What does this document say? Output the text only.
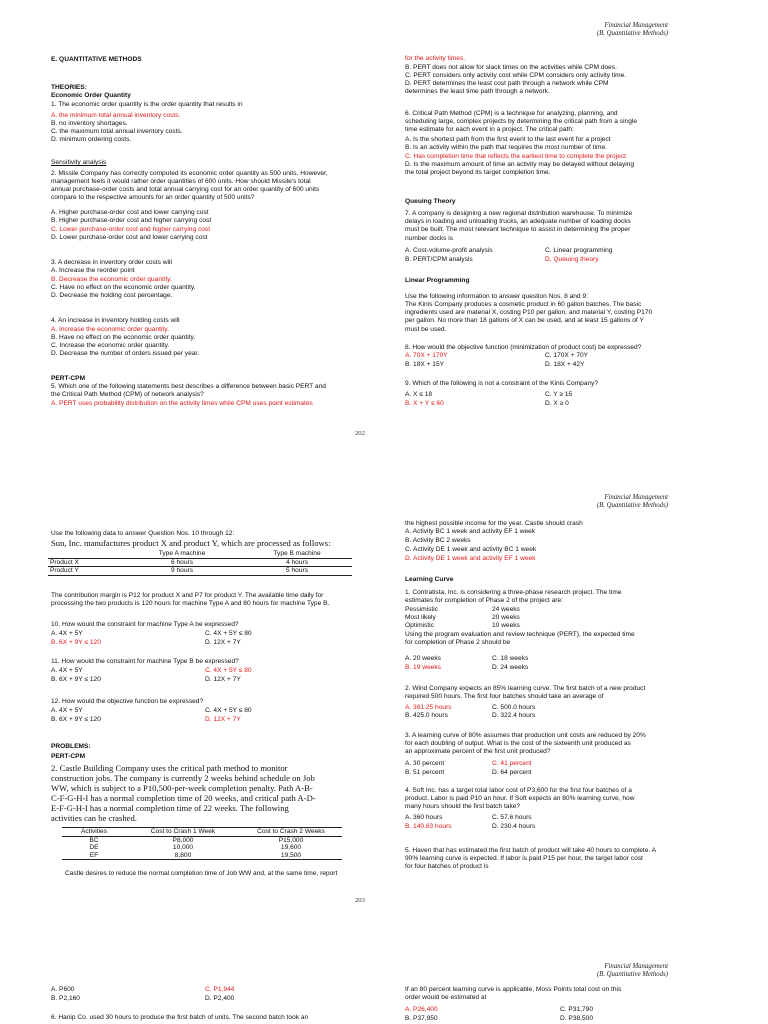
Financial Management
(B. Quantitative Methods)
E. QUANTITATIVE METHODS
THEORIES:
Economic Order Quantity
1. The economic order quantity is the order quantity that results in
A. the minimum total annual inventory costs.
B. no inventory shortages.
C. the maximum total annual inventory costs.
D. minimum ordering costs.
Sensitivity analysis
2. Missile Company has correctly computed its economic order quantity as 500 units. However,
management feels it would rather order quantities of 600 units. How should Missile's total
annual purchase-order costs and total annual carrying cost for an order quantity of 600 units
compare to the respective amounts for an order quantity of 500 units?
A. Higher purchase-order cost and lower carrying cost
B. Higher purchase-order cost and higher carrying cost
C. Lower purchase-order cost and higher carrying cost
D. Lower purchase-order cost and lower carrying cost
3. A decrease in inventory order costs will
A. Increase the reorder point
B. Decrease the economic order quantity.
C. Have no effect on the economic order quantity.
D. Decrease the holding cost percentage.
4. An increase in inventory holding costs will
A. Increase the economic order quantity.
B. Have no effect on the economic order quantity.
C. Increase the economic order quantity.
D. Decrease the number of orders issued per year.
PERT-CPM
5. Which one of the following statements best describes a difference between basic PERT and
the Critical Path Method (CPM) of network analysis?
A. PERT uses probability distribution on the activity times while CPM uses point estimates
for the activity times.
B. PERT does not allow for slack times on the activities while CPM does.
C. PERT considers only activity cost while CPM considers only activity time.
D. PERT determines the least cost path through a network while CPM
determines the least time path through a network.
6. Critical Path Method (CPM) is a technique for analyzing, planning, and
scheduling large, complex projects by determining the critical path from a single
time estimate for each event in a project. The critical path:
A. Is the shortest path from the first event to the last event for a project
B. Is an activity within the path that requires the most number of time.
C. Has completion time that reflects the earliest time to complete the project
D. Is the maximum amount of time an activity may be delayed without delaying
the total project beyond its target completion time.
Queuing Theory
7. A company is designing a new regional distribution warehouse. To minimize
delays in loading and unloading trucks, an adequate number of loading docks
must be built. The most relevant technique to assist in determining the proper
number docks is
A. Cost-volume-profit analysis	C. Linear programming
B. PERT/CPM analysis	D. Queuing theory
Linear Programming
Use the following information to answer question Nos. 8 and 9:
The Kinis Company produces a cosmetic product in 60 gallon batches. The basic
ingredients used are material X, costing P10 per gallon, and material Y, costing P170
per gallon. No more than 18 gallons of X can be used, and at least 15 gallons of Y
must be used.
8. How would the objective function (minimization of product cost) be expressed?
A. 70X + 170Y	C. 170X + 70Y
B. 18X + 15Y	D. 18X + 42Y
9. Which of the following is not a constraint of the Kinis Company?
A. X ≤ 18	C. Y ≥ 15
B. X + Y ≤ 60	D. X ≥ 0
202
Financial Management
(B. Quantitative Methods)
Use the following data to answer Question Nos. 10 through 12:
Sun, Inc. manufactures product X and product Y, which are processed as follows:
	Type A machine	Type B machine
Product X	6 hours	4 hours
Product Y	9 hours	5 hours
The contribution margin is P12 for product X and P7 for product Y. The available time daily for
processing the two products is 120 hours for machine Type A and 80 hours for machine Type B.
10. How would the constraint for machine Type A be expressed?
A. 4X + 5Y	C. 4X + 5Y ≤ 80
B. 6X + 9Y ≤ 120	D. 12X + 7Y
11. How would the constraint for machine Type B be expressed?
A. 4X + 5Y	C. 4X + 5Y ≤ 80
B. 6X + 9Y ≤ 120	D. 12X + 7Y
12. How would the objective function be expressed?
A. 4X + 5Y	C. 4X + 5Y ≤ 80
B. 6X + 9Y ≤ 120	D. 12X + 7Y
PROBLEMS:
PERT-CPM
2. Castle Building Company uses the critical path method to monitor
construction jobs. The company is currently 2 weeks behind schedule on Job
WW, which is subject to a P10,500-per-week completion penalty. Path A-B-
C-F-G-H-I has a normal completion time of 20 weeks, and critical path A-D-
E-F-G-H-I has a normal completion time of 22 weeks. The following
activities can be crashed.
Activities	Cost to Crash 1 Week	Cost to Crash 2 Weeks
BC	P8,000	P15,000
DE	10,000	19,600
EF	8,800	19,500
Castle desires to reduce the normal completion time of Job WW and, at the same time, report
the highest possible income for the year. Castle should crash
A. Activity BC 1 week and activity EF 1 week
B. Activity BC 2 weeks
C. Activity DE 1 week and activity BC 1 week
D. Activity DE 1 week and activity EF 1 week
Learning Curve
1. Contratista, Inc. is considering a three-phase research project. The time
estimates for completion of Phase 2 of the project are:
Pessimistic	24 weeks
Most likely	20 weeks
Optimistic	10 weeks
Using the program evaluation and review technique (PERT), the expected time
for completion of Phase 2 should be
A. 20 weeks	C. 18 weeks
B. 19 weeks	D. 24 weeks
2. Wind Company expects an 85% learning curve. The first batch of a new product
required 500 hours. The first four batches should take an average of
A. 361.25 hours	C. 500.0 hours
B. 425.0 hours	D. 322.4 hours
3. A learning curve of 80% assumes that production unit costs are reduced by 20%
for each doubling of output. What is the cost of the sixteenth unit produced as
an approximate percent of the first unit produced?
A. 30 percent	C. 41 percent
B. 51 percent	D. 64 percent
4. Soft Inc. has a target total labor cost of P3,600 for the first four batches of a
product. Labor is paid P10 an hour. If Soft expects an 80% learning curve, how
many hours should the first batch take?
A. 360 hours	C. 57.6 hours
B. 140.63 hours	D. 230.4 hours
5. Haven that has estimated the first batch of product will take 40 hours to complete. A
90% learning curve is expected. If labor is paid P15 per hour, the target labor cost
for four batches of product is
203
Financial Management
(B. Quantitative Methods)
A. P600	C. P1,944
B. P2,160	D. P2,400
6. Hanip Co. used 30 hours to produce the first batch of units. The second batch took an
If an 80 percent learning curve is applicable, Moss Points total cost on this
order would be estimated at
A. P26,400	C. P31,790
B. P37,950	D. P38,500
